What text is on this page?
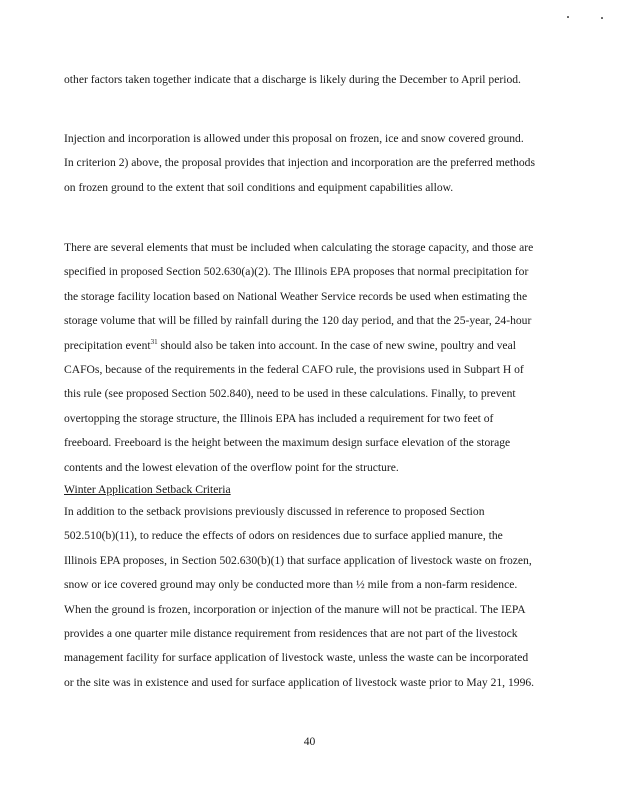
other factors taken together indicate that a discharge is likely during the December to April period.

Injection and incorporation is allowed under this proposal on frozen, ice and snow covered ground. In criterion 2) above, the proposal provides that injection and incorporation are the preferred methods on frozen ground to the extent that soil conditions and equipment capabilities allow.

There are several elements that must be included when calculating the storage capacity, and those are specified in proposed Section 502.630(a)(2). The Illinois EPA proposes that normal precipitation for the storage facility location based on National Weather Service records be used when estimating the storage volume that will be filled by rainfall during the 120 day period, and that the 25-year, 24-hour precipitation event$^{31}$ should also be taken into account. In the case of new swine, poultry and veal CAFOs, because of the requirements in the federal CAFO rule, the provisions used in Subpart H of this rule (see proposed Section 502.840), need to be used in these calculations. Finally, to prevent overtopping the storage structure, the Illinois EPA has included a requirement for two feet of freeboard. Freeboard is the height between the maximum design surface elevation of the storage contents and the lowest elevation of the overflow point for the structure.

Winter Application Setback Criteria

In addition to the setback provisions previously discussed in reference to proposed Section 502.510(b)(11), to reduce the effects of odors on residences due to surface applied manure, the Illinois EPA proposes, in Section 502.630(b)(1) that surface application of livestock waste on frozen, snow or ice covered ground may only be conducted more than ½ mile from a non-farm residence. When the ground is frozen, incorporation or injection of the manure will not be practical. The IEPA provides a one quarter mile distance requirement from residences that are not part of the livestock management facility for surface application of livestock waste, unless the waste can be incorporated or the site was in existence and used for surface application of livestock waste prior to May 21, 1996.

40
